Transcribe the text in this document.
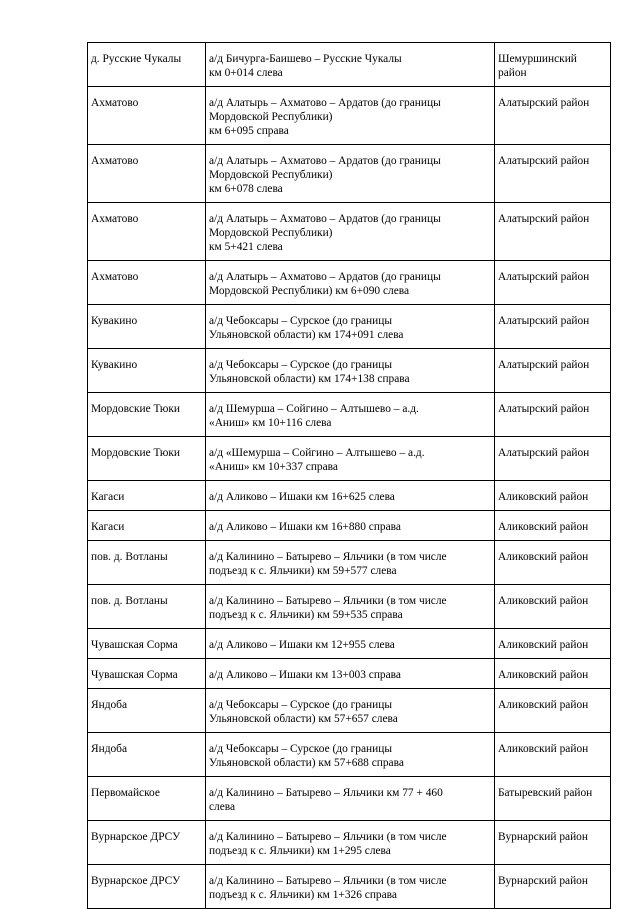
д. Русские Чукалы	а/д Бичурга-Баишево – Русские Чукалы
км 0+014 слева	Шемуршинский
район

Ахматово	а/д Алатырь – Ахматово – Ардатов (до границы
Мордовской Республики)
км 6+095 справа	Алатырский район

Ахматово	а/д Алатырь – Ахматово – Ардатов (до границы
Мордовской Республики)
км 6+078 слева	Алатырский район

Ахматово	а/д Алатырь – Ахматово – Ардатов (до границы
Мордовской Республики)
км 5+421 слева	Алатырский район

Ахматово	а/д Алатырь – Ахматово – Ардатов (до границы
Мордовской Республики) км 6+090 слева	Алатырский район

Кувакино	а/д Чебоксары – Сурское (до границы
Ульяновской области) км 174+091 слева	Алатырский район

Кувакино	а/д Чебоксары – Сурское (до границы
Ульяновской области) км 174+138 справа	Алатырский район

Мордовские Тюки	а/д Шемурша – Сойгино – Алтышево – а.д.
«Аниш» км 10+116 слева	Алатырский район

Мордовские Тюки	а/д «Шемурша – Сойгино – Алтышево – а.д.
«Аниш» км 10+337 справа	Алатырский район

Кагаси	а/д Аликово – Ишаки км 16+625 слева	Аликовский район

Кагаси	а/д Аликово – Ишаки км 16+880 справа	Аликовский район

пов. д. Вотланы	а/д Калинино – Батырево – Яльчики (в том числе
подъезд к с. Яльчики) км 59+577 слева	Аликовский район

пов. д. Вотланы	а/д Калинино – Батырево – Яльчики (в том числе
подъезд к с. Яльчики) км 59+535 справа	Аликовский район

Чувашская Сорма	а/д Аликово – Ишаки км 12+955 слева	Аликовский район

Чувашская Сорма	а/д Аликово – Ишаки км 13+003 справа	Аликовский район

Яндоба	а/д Чебоксары – Сурское (до границы
Ульяновской области) км 57+657 слева	Аликовский район

Яндоба	а/д Чебоксары – Сурское (до границы
Ульяновской области) км 57+688 справа	Аликовский район

Первомайское	а/д Калинино – Батырево – Яльчики км 77 + 460
слева	Батыревский район

Вурнарское ДРСУ	а/д Калинино – Батырево – Яльчики (в том числе
подъезд к с. Яльчики) км 1+295 слева	Вурнарский район

Вурнарское ДРСУ	а/д Калинино – Батырево – Яльчики (в том числе
подъезд к с. Яльчики) км 1+326 справа	Вурнарский район
